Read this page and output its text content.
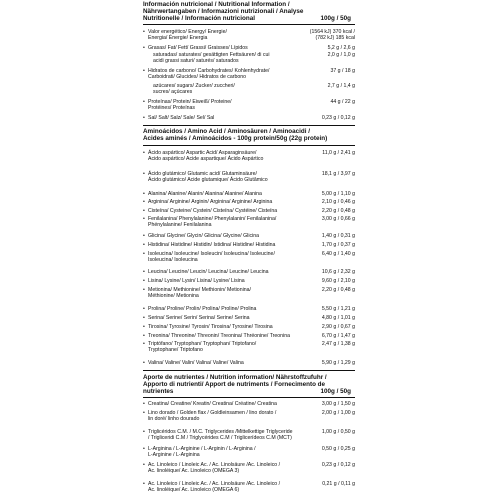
Información nutricional / Nutritional Information /
Nährwertangaben / Informazioni nutrizionali / Analyse
Nutritionelle / Información nutricional	100g / 50g
• Valor energético/ Energy/ Energie/
Energia/ Énergie/ Energia
(1564 kJ) 370 kcal /
(782 kJ) 185 kcal
• Grasas/ Fat/ Fett/ Grassi/ Graisses/ Lípidos	5,2 g / 2,6 g
saturadas/ saturates/ gesättigten Fettsäuren/ di cui
acidi grassi saturi/ saturés/ saturados
2,0 g / 1,0 g
• Hidratos de carbono/ Carbohydrates/ Kohlenhydrate/
Carboidrati/ Glucides/ Hidratos de carbono
37 g / 18 g
azúcares/ sugars/ Zucker/ zuccheri/
sucres/ açúcares
2,7 g / 1,4 g
• Proteínas/ Protein/ Eiweiß/ Proteine/
Protéines/ Proteínas
44 g / 22 g
• Sal/ Salt/ Salz/ Sale/ Sel/ Sal	0,23 g / 0,12 g
Aminoácidos / Amino Acid / Aminosäuren / Aminoacidi /
Acides aminés / Aminoácidos - 100g protein/50g (22g protein)
• Ácido aspártico/ Aspartic Acid/ Asparaginsäure/
Acido aspártico/ Acide aspartique/ Ácido Aspártico
11,0 g / 2,41 g
• Ácido glutámico/ Glutamic acid/ Glutaminsäure/
Ácido glutámico/ Acide glutamique/ Ácido Glutâmico
18,1 g / 3,97 g
• Alanina/ Alanine/ Alanin/ Alanina/ Alanine/ Alanina	5,00 g / 1,10 g
• Arginina/ Arginine/ Arginin/ Arginina/ Arginine/ Arginina	2,10 g / 0,46 g
• Cisteína/ Cysteine/ Cystein/ Cisteína/ Cystéine/ Cisteína	2,20 g / 0,48 g
• Fenilalanina/ Phenylalanine/ Phenylalanin/ Fenilalanina/
Phénylalanine/ Fenilalanina
3,00 g / 0,66 g
• Glicina/ Glycine/ Glycin/ Glicina/ Glycine/ Glicina	1,40 g / 0,31 g
• Histidina/ Histidine/ Histidin/ Istidina/ Histidine/ Histidina	1,70 g / 0,37 g
• Isoleucina/ Isoleucine/ Isoleucin/ Isoleucina/ Isoleucine/
Isoleucina/ Isoleucina
6,40 g / 1,40 g
• Leucina/ Leucine/ Leucin/ Leucina/ Leucine/ Leucina	10,6 g / 2,32 g
• Lisina/ Lysine/ Lysin/ Lisina/ Lysine/ Lisina	9,60 g / 2,10 g
• Metionina/ Methionine/ Methionin/ Metionina/
Méthionine/ Metionina
2,20 g / 0,48 g
• Prolina/ Proline/ Prolin/ Prolina/ Proline/ Prolina	5,50 g / 1,21 g
• Serina/ Serine/ Serin/ Serina/ Serine/ Serina	4,80 g / 1,01 g
• Tirosina/ Tyrosine/ Tyrosin/ Tirosina/ Tyrosine/ Tirosina	2,90 g / 0,67 g
• Treonina/ Threonine/ Threonin/ Treonina/ Thréonine/ Treonina	6,70 g / 1,47 g
• Triptófano/ Tryptophan/ Tryptophan/ Triptofano/
Tryptophane/ Triptofano
2,47 g / 1,38 g
• Valina/ Valine/ Valin/ Valina/ Valine/ Valina	5,90 g / 1,29 g
Aporte de nutrientes / Nutrition information/ Nährstoffzufuhr /
Apporto di nutrienti/ Apport de nutriments / Fornecimento de
nutrientes	100g / 50g
• Creatina/ Creatine/ Kreatin/ Creatina/ Créatine/ Creatina	3,00 g / 1,50 g
• Lino dorado / Golden flax / Goldleinsamen / lino dorato /
lin doré/ linho dourado
2,00 g / 1,00 g
• Triglicéridos C.M. / M.C. Triglycerides /Mittelkettige Triglyceride
/ Trigliceridi C.M / Triglycérides C.M / Triglicerídeos C.M (MCT)
1,00 g / 0,50 g
• L-Arginina / L-Arginine / L-Arginin / L-Arginina /
L-Arginine / L-Arginina
0,50 g / 0,25 g
• Ac. Linoleico / Linoleic Ac. / Ac. Linolsäure /Ac. Linoleico /
Ac. linoléique/ Ac. Linoleico (OMEGA 3)
0,23 g / 0,12 g
• Ac. Linoleico / Linoleic Ac. / Ac. Linolsäure /Ac. Linoleico /
Ac. linoléique/ Ac. Linoleico (OMEGA 6)
0,21 g / 0,11 g
